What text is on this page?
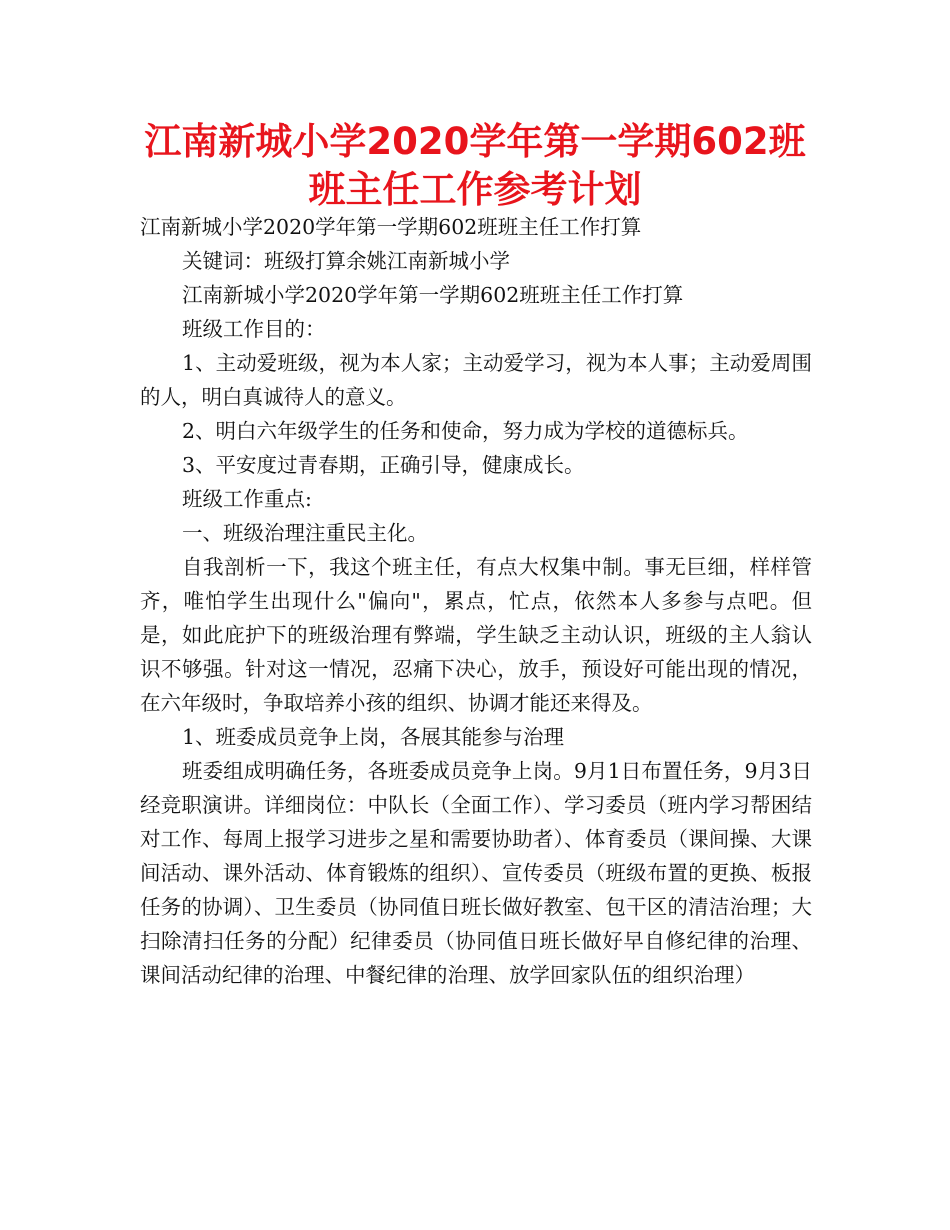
江南新城小学2020学年第一学期602班班主任工作参考计划

江南新城小学2020学年第一学期602班班主任工作打算

关键词：班级打算余姚江南新城小学

江南新城小学2020学年第一学期602班班主任工作打算

班级工作目的：

1、主动爱班级，视为本人家；主动爱学习，视为本人事；主动爱周围的人，明白真诚待人的意义。

2、明白六年级学生的任务和使命，努力成为学校的道德标兵。

3、平安度过青春期，正确引导，健康成长。

班级工作重点:

一、班级治理注重民主化。

自我剖析一下，我这个班主任，有点大权集中制。事无巨细，样样管齐，唯怕学生出现什么"偏向"，累点，忙点，依然本人多参与点吧。但是，如此庇护下的班级治理有弊端，学生缺乏主动认识，班级的主人翁认识不够强。针对这一情况，忍痛下决心，放手，预设好可能出现的情况，在六年级时，争取培养小孩的组织、协调才能还来得及。

1、班委成员竞争上岗，各展其能参与治理

班委组成明确任务，各班委成员竞争上岗。9月1日布置任务，9月3日经竞职演讲。详细岗位：中队长（全面工作）、学习委员（班内学习帮困结对工作、每周上报学习进步之星和需要协助者）、体育委员（课间操、大课间活动、课外活动、体育锻炼的组织）、宣传委员（班级布置的更换、板报任务的协调）、卫生委员（协同值日班长做好教室、包干区的清洁治理；大扫除清扫任务的分配）纪律委员（协同值日班长做好早自修纪律的治理、课间活动纪律的治理、中餐纪律的治理、放学回家队伍的组织治理）
